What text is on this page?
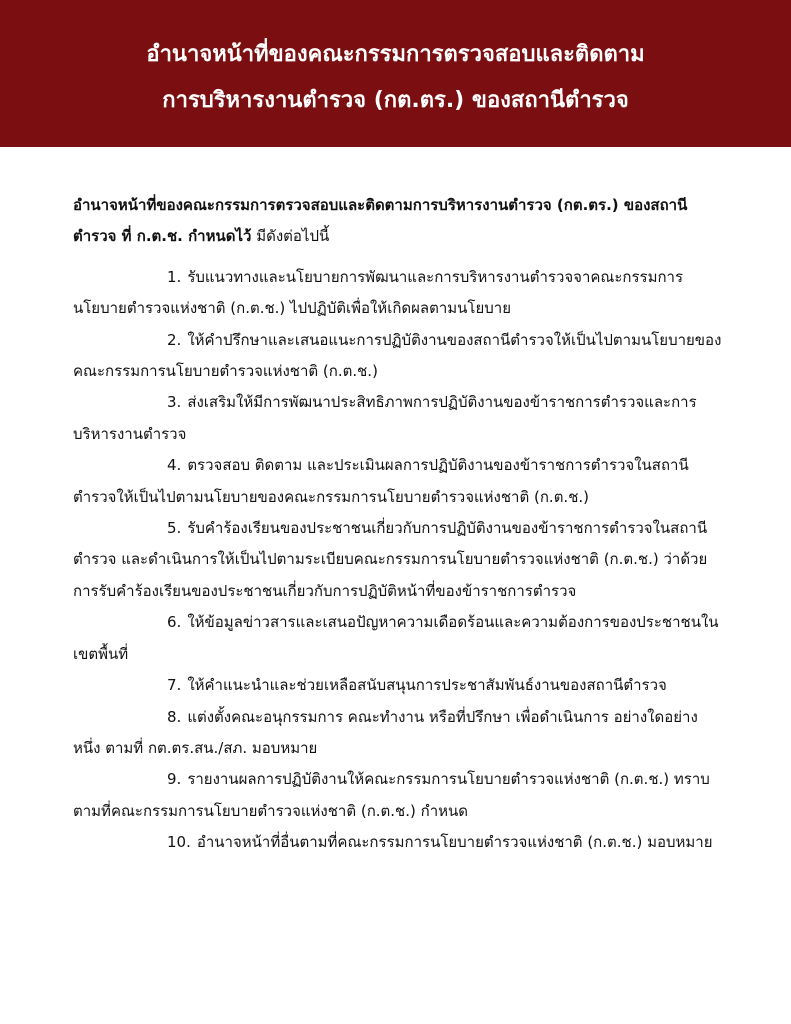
อำนาจหน้าที่ของคณะกรรมการตรวจสอบและติดตาม
การบริหารงานตำรวจ (กต.ตร.) ของสถานีตำรวจ

อำนาจหน้าที่ของคณะกรรมการตรวจสอบและติดตามการบริหารงานตำรวจ (กต.ตร.) ของสถานีตำรวจ ที่ ก.ต.ช. กำหนดไว้ มีดังต่อไปนี้

1. รับแนวทางและนโยบายการพัฒนาและการบริหารงานตำรวจจาคณะกรรมการนโยบายตำรวจแห่งชาติ (ก.ต.ช.) ไปปฏิบัติเพื่อให้เกิดผลตามนโยบาย

2. ให้คำปรึกษาและเสนอแนะการปฏิบัติงานของสถานีตำรวจให้เป็นไปตามนโยบายของคณะกรรมการนโยบายตำรวจแห่งชาติ (ก.ต.ช.)

3. ส่งเสริมให้มีการพัฒนาประสิทธิภาพการปฏิบัติงานของข้าราชการตำรวจและการบริหารงานตำรวจ

4. ตรวจสอบ ติดตาม และประเมินผลการปฏิบัติงานของข้าราชการตำรวจในสถานีตำรวจให้เป็นไปตามนโยบายของคณะกรรมการนโยบายตำรวจแห่งชาติ (ก.ต.ช.)

5. รับคำร้องเรียนของประชาชนเกี่ยวกับการปฏิบัติงานของข้าราชการตำรวจในสถานีตำรวจ และดำเนินการให้เป็นไปตามระเบียบคณะกรรมการนโยบายตำรวจแห่งชาติ (ก.ต.ช.) ว่าด้วยการรับคำร้องเรียนของประชาชนเกี่ยวกับการปฏิบัติหน้าที่ของข้าราชการตำรวจ

6. ให้ข้อมูลข่าวสารและเสนอปัญหาความเดือดร้อนและความต้องการของประชาชนในเขตพื้นที่

7. ให้คำแนะนำและช่วยเหลือสนับสนุนการประชาสัมพันธ์งานของสถานีตำรวจ

8. แต่งตั้งคณะอนุกรรมการ คณะทำงาน หรือที่ปรึกษา เพื่อดำเนินการ อย่างใดอย่างหนึ่ง ตามที่ กต.ตร.สน./สภ. มอบหมาย

9. รายงานผลการปฏิบัติงานให้คณะกรรมการนโยบายตำรวจแห่งชาติ (ก.ต.ช.) ทราบตามที่คณะกรรมการนโยบายตำรวจแห่งชาติ (ก.ต.ช.) กำหนด

10. อำนาจหน้าที่อื่นตามที่คณะกรรมการนโยบายตำรวจแห่งชาติ (ก.ต.ช.) มอบหมาย
